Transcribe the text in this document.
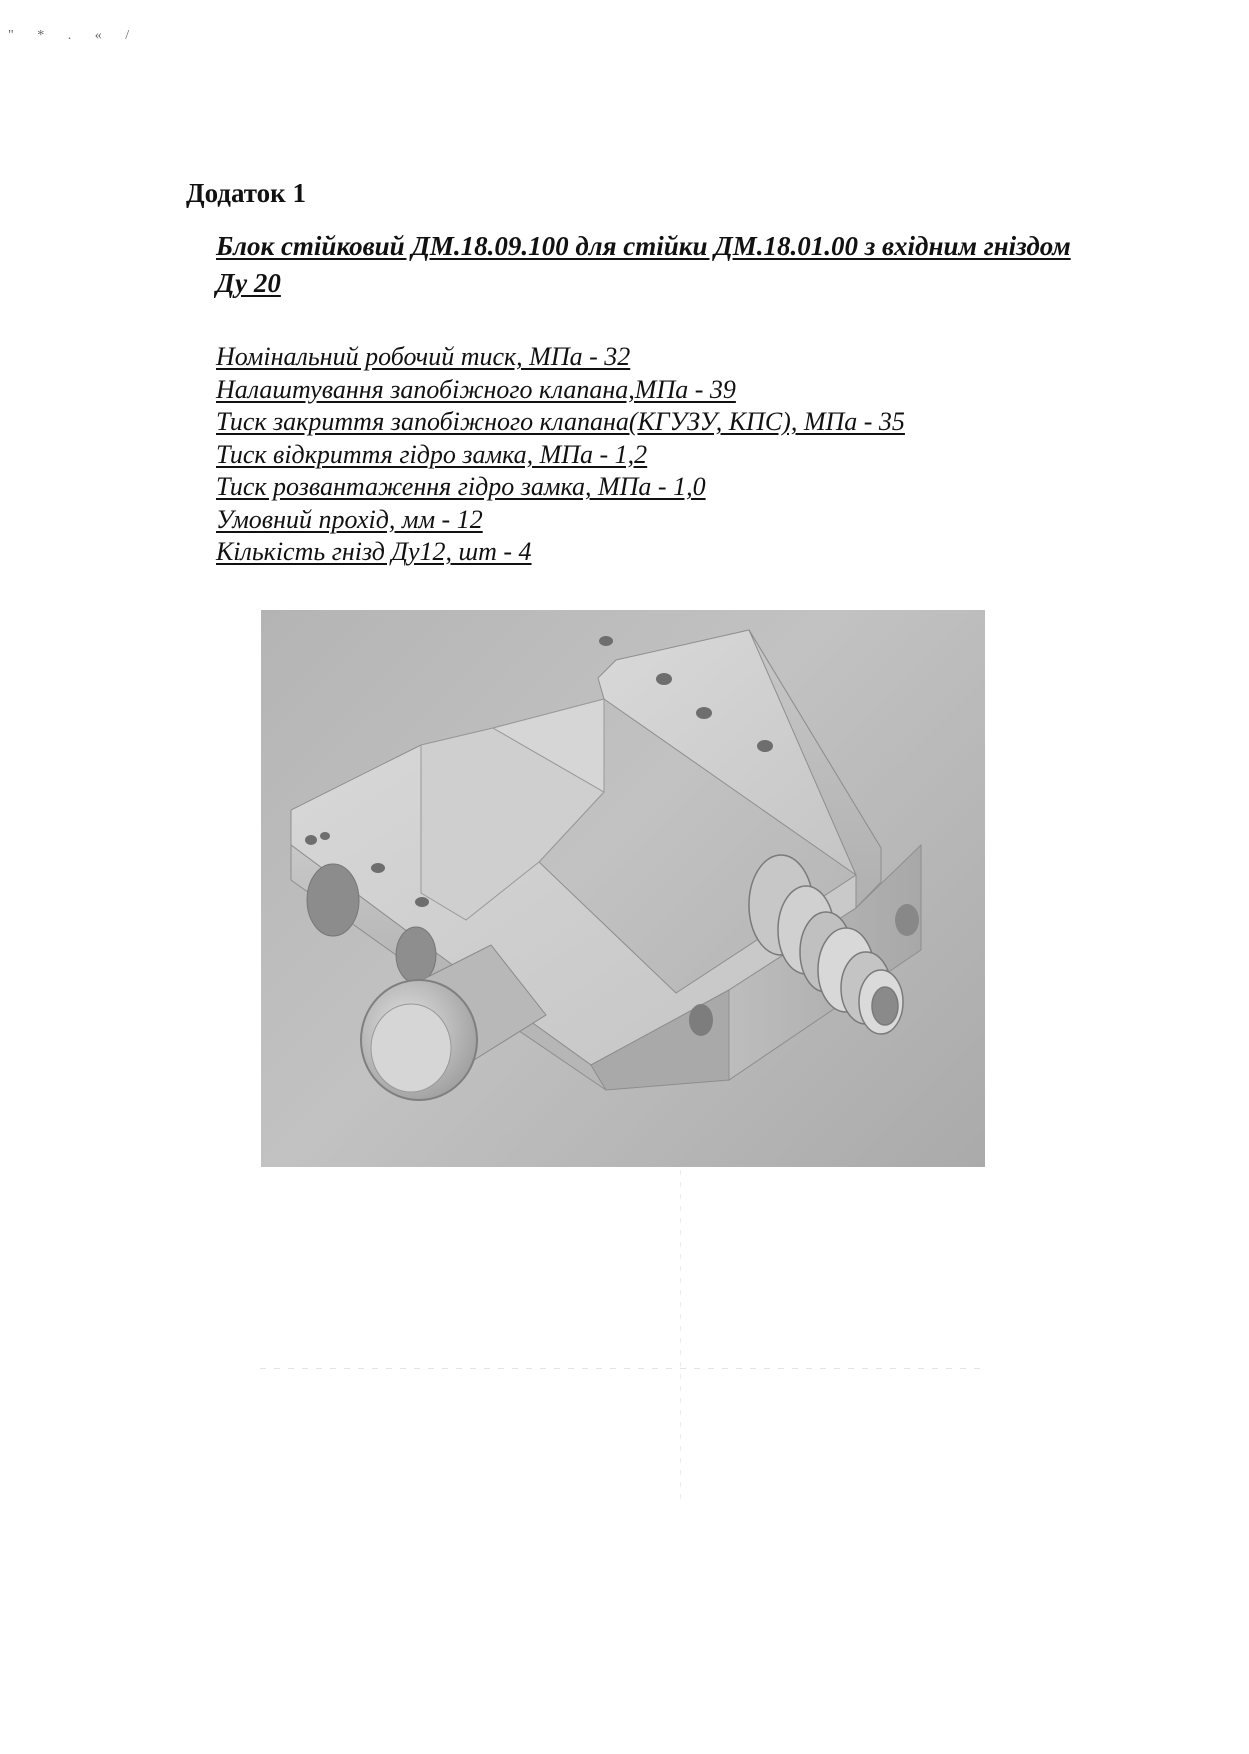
" * . « /
Додаток 1
Блок стійковий ДМ.18.09.100 для стійки ДМ.18.01.00 з вхідним гніздом
Ду 20
Номінальний робочий тиск, МПа - 32
Налаштування запобіжного клапана,МПа - 39
Тиск закриття запобіжного клапана(КГУЗУ, КПС), МПа - 35
Тиск відкриття гідро замка, МПа - 1,2
Тиск розвантаження гідро замка, МПа - 1,0
Умовний прохід, мм - 12
Кількість гнізд Ду12, шт - 4
